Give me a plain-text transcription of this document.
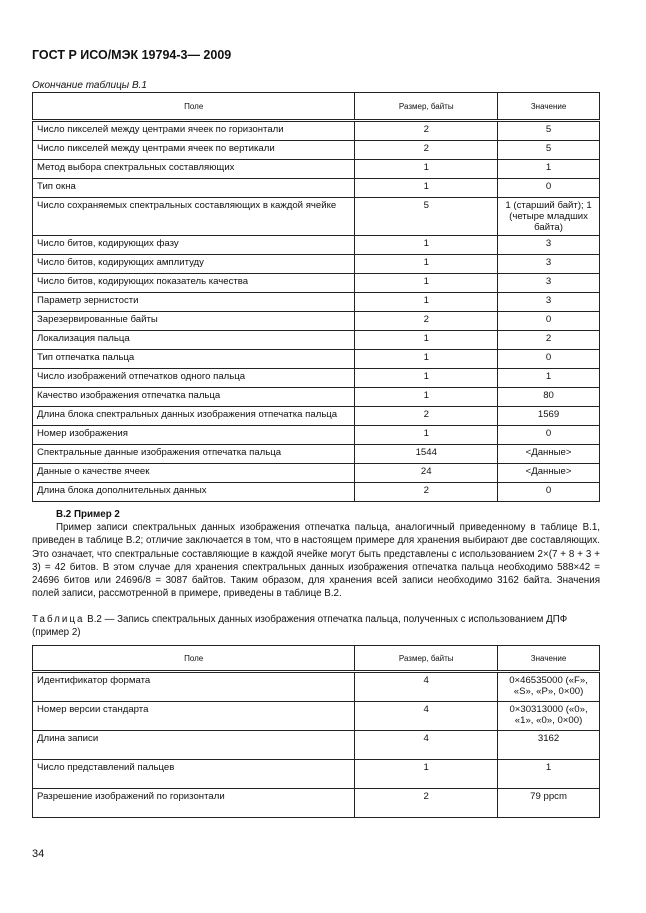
ГОСТ Р ИСО/МЭК 19794-3— 2009
Окончание таблицы В.1
Поле	Размер, байты	Значение
Число пикселей между центрами ячеек по горизонтали	2	5
Число пикселей между центрами ячеек по вертикали	2	5
Метод выбора спектральных составляющих	1	1
Тип окна	1	0
Число сохраняемых спектральных составляющих в каждой ячейке	5	1 (старший байт); 1 (четыре младших байта)
Число битов, кодирующих фазу	1	3
Число битов, кодирующих амплитуду	1	3
Число битов, кодирующих показатель качества	1	3
Параметр зернистости	1	3
Зарезервированные байты	2	0
Локализация пальца	1	2
Тип отпечатка пальца	1	0
Число изображений отпечатков одного пальца	1	1
Качество изображения отпечатка пальца	1	80
Длина блока спектральных данных изображения отпечатка пальца	2	1569
Номер изображения	1	0
Спектральные данные изображения отпечатка пальца	1544	<Данные>
Данные о качестве ячеек	24	<Данные>
Длина блока дополнительных данных	2	0
В.2 Пример 2

Пример записи спектральных данных изображения отпечатка пальца, аналогичный приведенному в таблице В.1, приведен в таблице В.2; отличие заключается в том, что в настоящем примере для хранения выбирают две составляющих. Это означает, что спектральные составляющие в каждой ячейке могут быть представлены с использованием 2×(7 + 8 + 3 + 3) = 42 битов. В этом случае для хранения спектральных данных изображения отпечатка пальца необходимо 588×42 = 24696 битов или 24696/8 = 3087 байтов. Таким образом, для хранения всей записи необходимо 3162 байта. Значения полей записи, рассмотренной в примере, приведены в таблице В.2.

Таблица В.2 — Запись спектральных данных изображения отпечатка пальца, полученных с использованием ДПФ (пример 2)
Поле	Размер, байты	Значение
Идентификатор формата	4	0×46535000 («F», «S», «P», 0×00)
Номер версии стандарта	4	0×30313000 («0», «1», «0», 0×00)
Длина записи	4	3162
Число представлений пальцев	1	1
Разрешение изображений по горизонтали	2	79 ppcm
34
